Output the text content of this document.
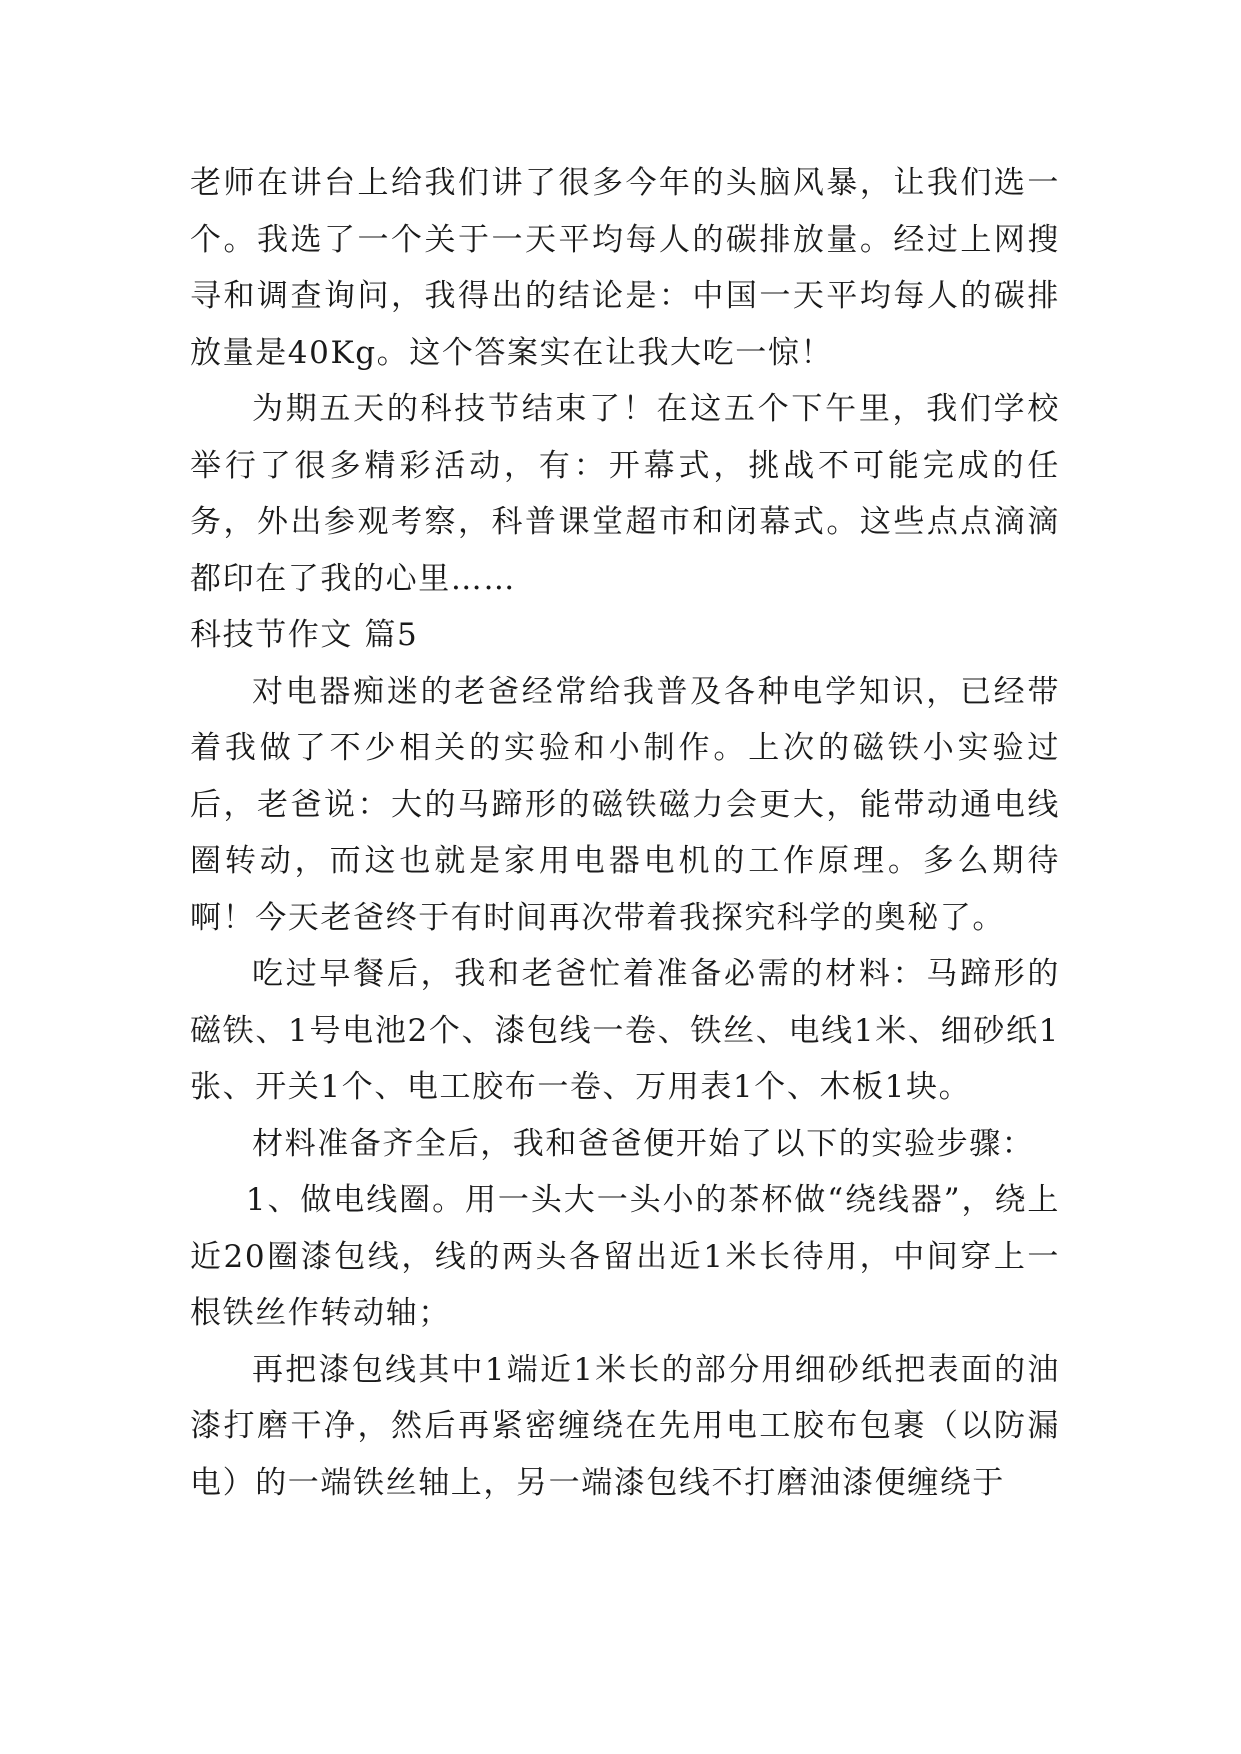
老师在讲台上给我们讲了很多今年的头脑风暴，让我们选一个。我选了一个关于一天平均每人的碳排放量。经过上网搜寻和调查询问，我得出的结论是：中国一天平均每人的碳排放量是40Kg。这个答案实在让我大吃一惊！

为期五天的科技节结束了！在这五个下午里，我们学校举行了很多精彩活动，有：开幕式，挑战不可能完成的任务，外出参观考察，科普课堂超市和闭幕式。这些点点滴滴都印在了我的心里……

科技节作文 篇5

对电器痴迷的老爸经常给我普及各种电学知识，已经带着我做了不少相关的实验和小制作。上次的磁铁小实验过后，老爸说：大的马蹄形的磁铁磁力会更大，能带动通电线圈转动，而这也就是家用电器电机的工作原理。多么期待啊！今天老爸终于有时间再次带着我探究科学的奥秘了。

吃过早餐后，我和老爸忙着准备必需的材料：马蹄形的磁铁、1号电池2个、漆包线一卷、铁丝、电线1米、细砂纸1张、开关1个、电工胶布一卷、万用表1个、木板1块。

材料准备齐全后，我和爸爸便开始了以下的实验步骤：

1、做电线圈。用一头大一头小的茶杯做“绕线器”，绕上近20圈漆包线，线的两头各留出近1米长待用，中间穿上一根铁丝作转动轴；

再把漆包线其中1端近1米长的部分用细砂纸把表面的油漆打磨干净，然后再紧密缠绕在先用电工胶布包裹（以防漏电）的一端铁丝轴上，另一端漆包线不打磨油漆便缠绕于
